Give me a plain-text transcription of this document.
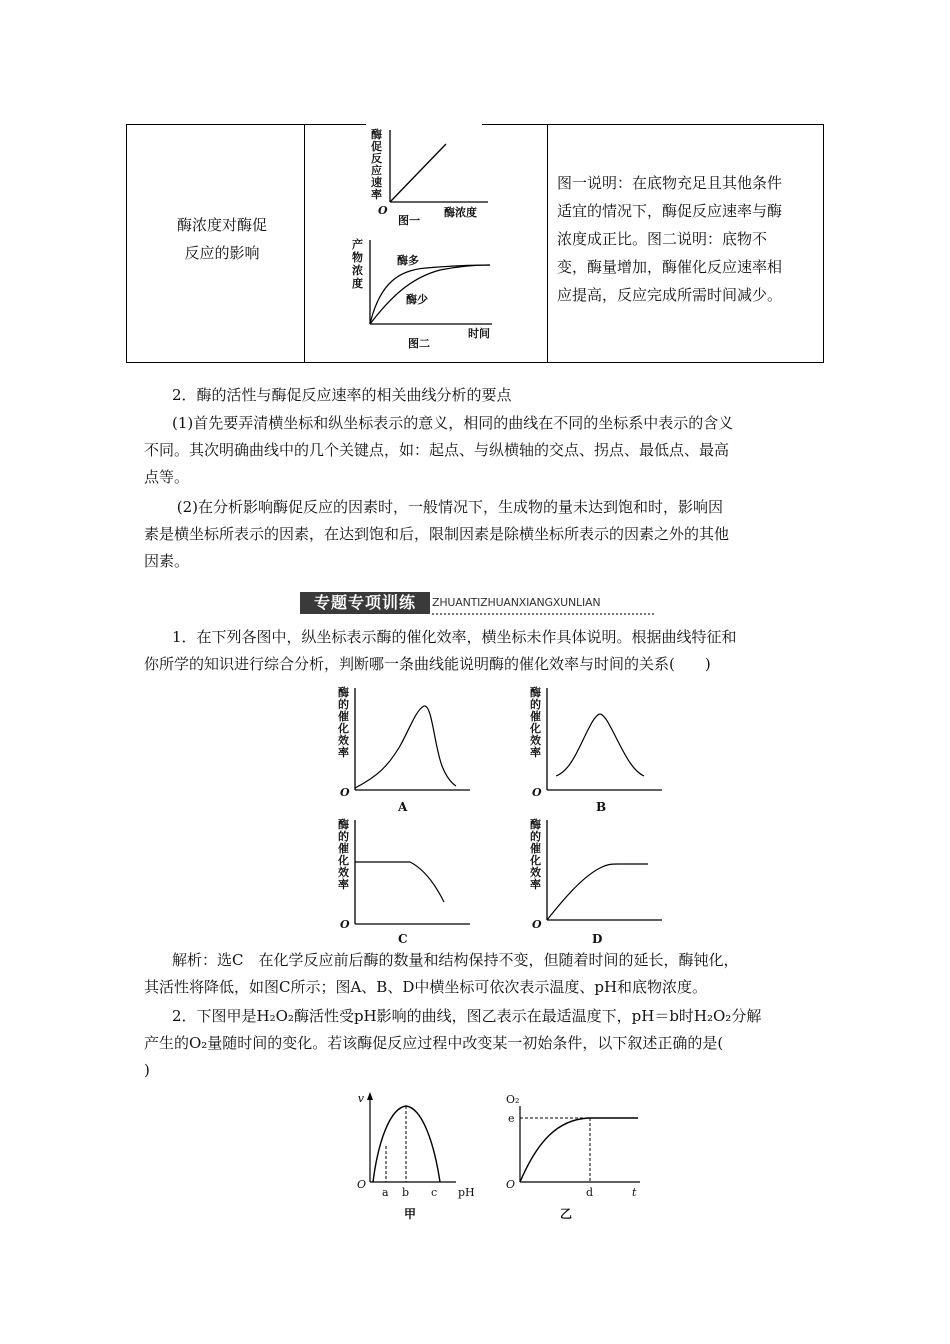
酶浓度对酶促
反应的影响
图一说明：在底物充足且其他条件
适宜的情况下，酶促反应速率与酶
浓度成正比。图二说明：底物不
变，酶量增加，酶催化反应速率相
应提高，反应完成所需时间减少。
酶
促
反
应
速
率
O	酶浓度
图一
产
物
浓
度
酶多
酶少
时间
图二
2．酶的活性与酶促反应速率的相关曲线分析的要点
(1)首先要弄清横坐标和纵坐标表示的意义，相同的曲线在不同的坐标系中表示的含义
不同。其次明确曲线中的几个关键点，如：起点、与纵横轴的交点、拐点、最低点、最高
点等。
(2)在分析影响酶促反应的因素时，一般情况下，生成物的量未达到饱和时，影响因
素是横坐标所表示的因素，在达到饱和后，限制因素是除横坐标所表示的因素之外的其他
因素。
专题专项训练	ZHUANTIZHUANXIANGXUNLIAN
1．在下列各图中，纵坐标表示酶的催化效率，横坐标未作具体说明。根据曲线特征和
你所学的知识进行综合分析，判断哪一条曲线能说明酶的催化效率与时间的关系(　　)
酶
的
催
化
效
率
O
A
酶
的
催
化
效
率
O
B
酶
的
催
化
效
率
O
C
酶
的
催
化
效
率
O
D
解析：选C　在化学反应前后酶的数量和结构保持不变，但随着时间的延长，酶钝化，
其活性将降低，如图C所示；图A、B、D中横坐标可依次表示温度、pH和底物浓度。
2．下图甲是H₂O₂酶活性受pH影响的曲线，图乙表示在最适温度下，pH＝b时H₂O₂分解
产生的O₂量随时间的变化。若该酶促反应过程中改变某一初始条件，以下叙述正确的是(
)
v
O
a b c pH
甲
O₂
e
O
d	t
乙
